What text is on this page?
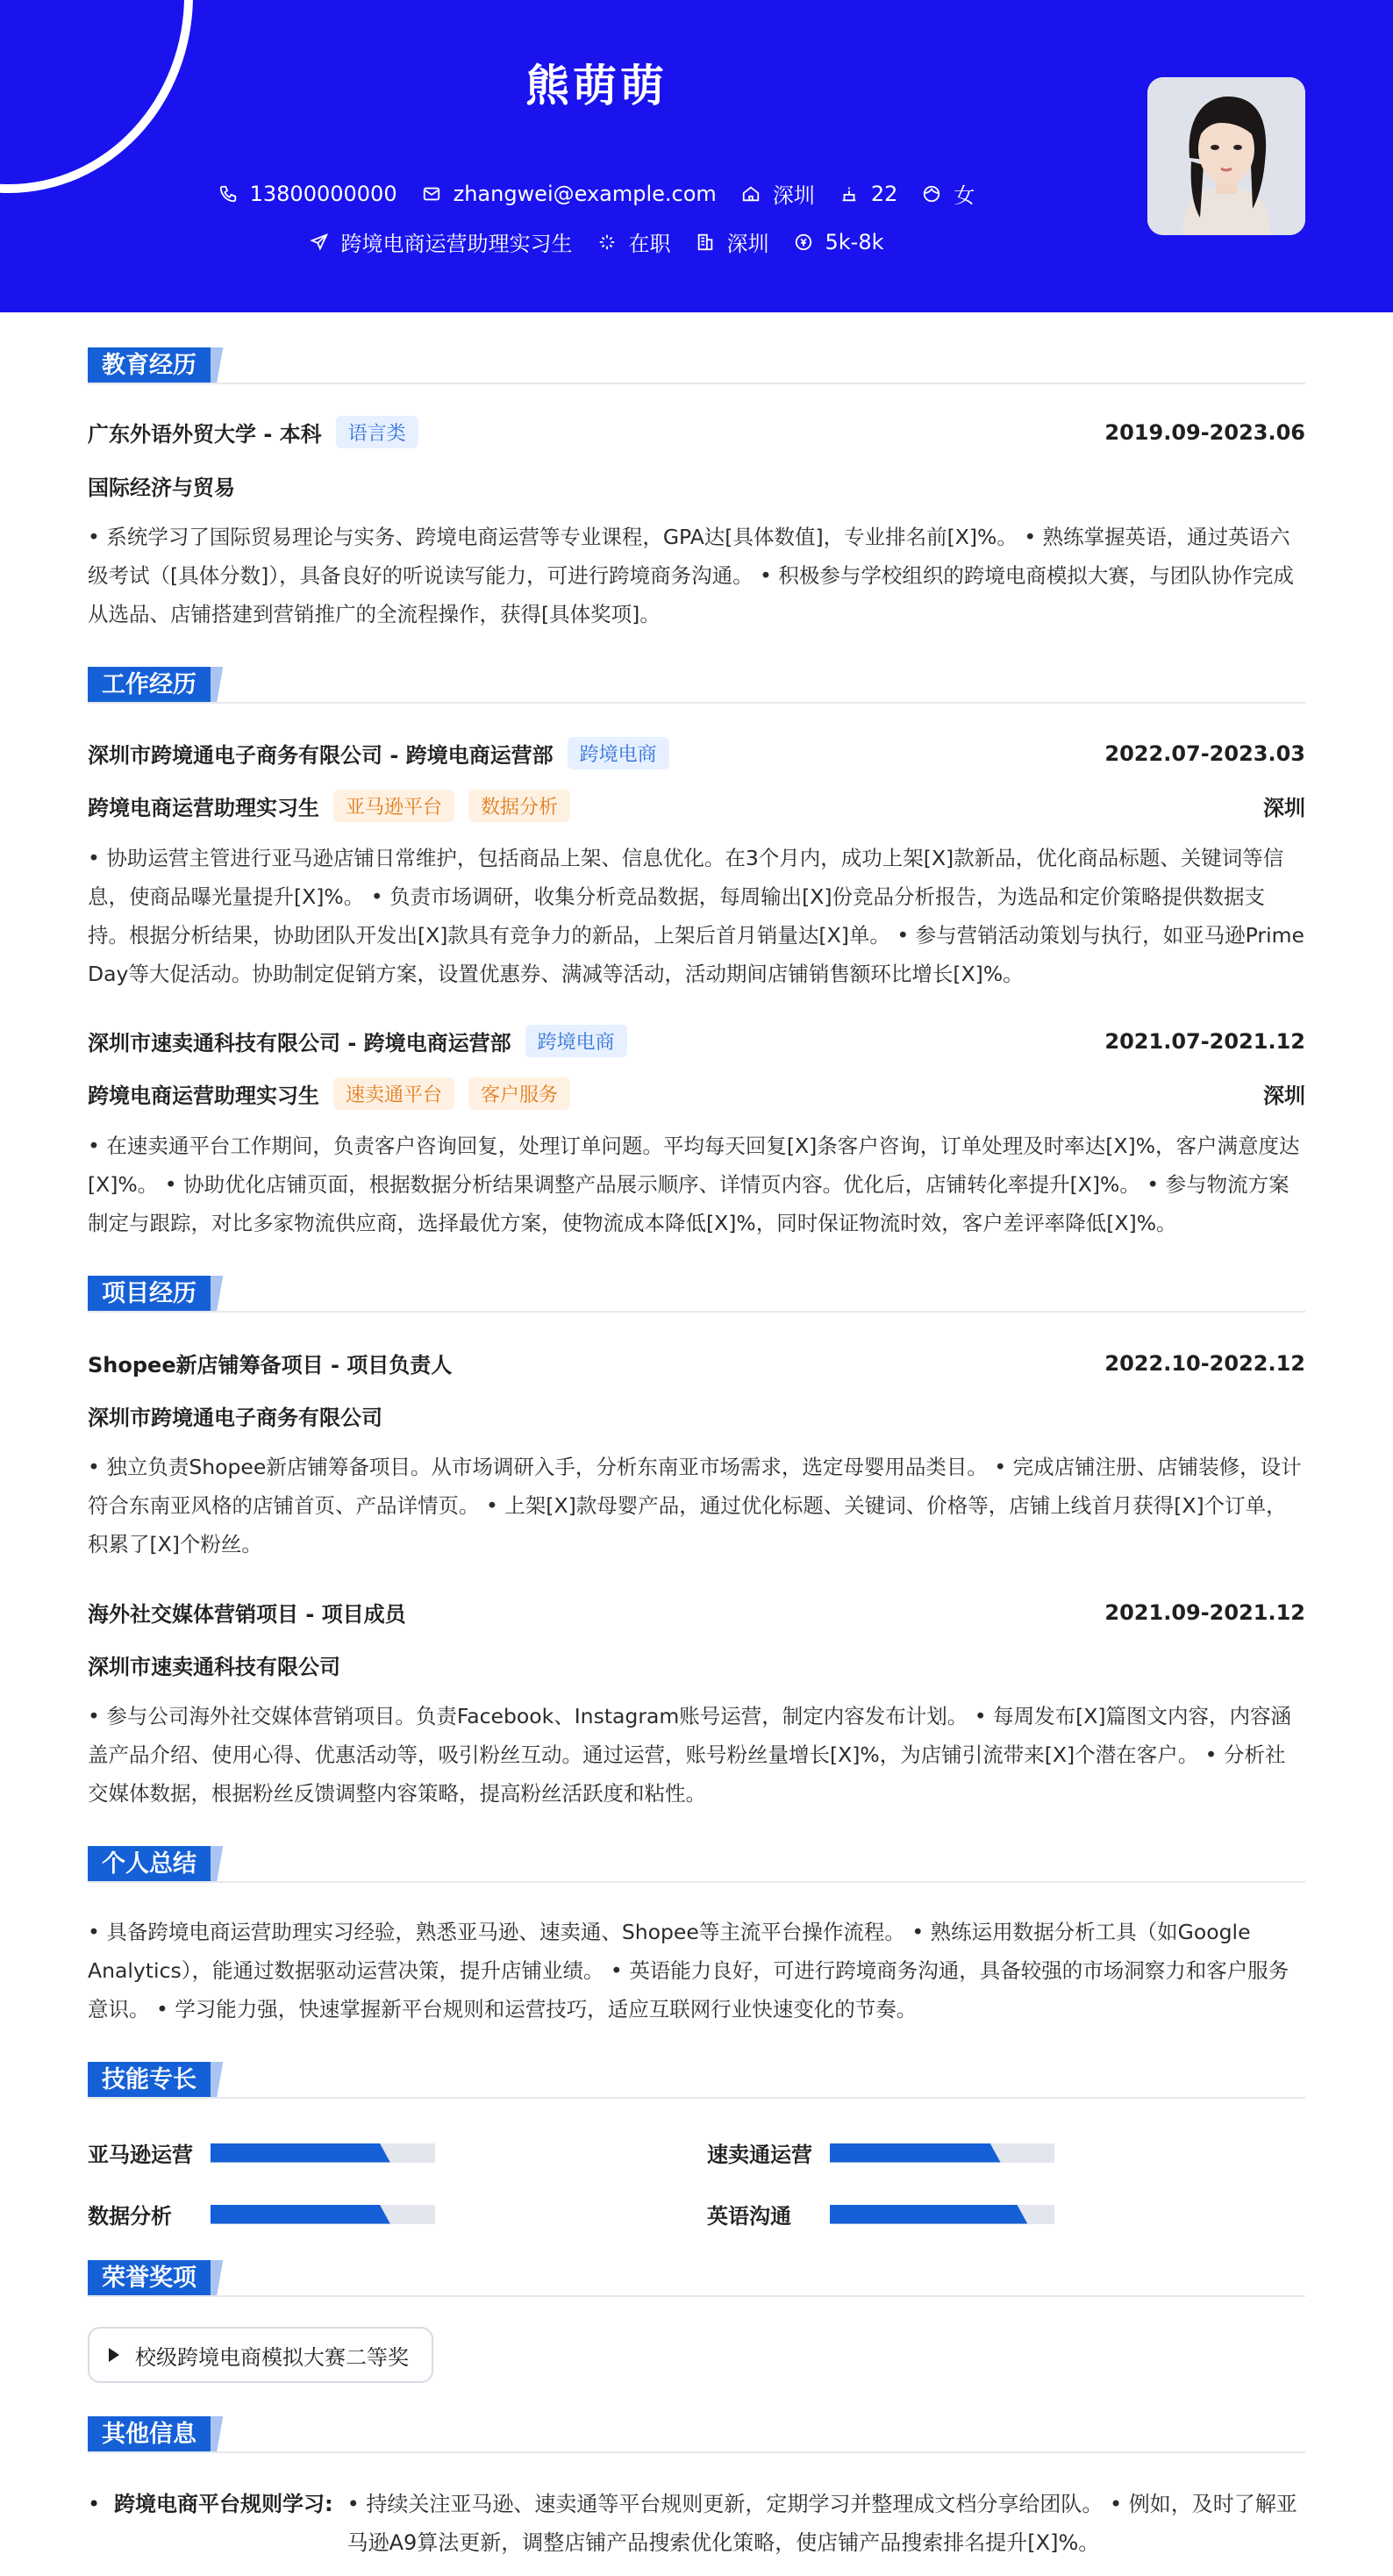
熊萌萌
13800000000	zhangwei@example.com	深圳	22	女
跨境电商运营助理实习生	在职	深圳	5k-8k
教育经历
广东外语外贸大学 - 本科	语言类	2019.09-2023.06
国际经济与贸易
• 系统学习了国际贸易理论与实务、跨境电商运营等专业课程，GPA达[具体数值]，专业排名前[X]%。 • 熟练掌握英语，通过英语六级考试（[具体分数]），具备良好的听说读写能力，可进行跨境商务沟通。 • 积极参与学校组织的跨境电商模拟大赛，与团队协作完成从选品、店铺搭建到营销推广的全流程操作，获得[具体奖项]。
工作经历
深圳市跨境通电子商务有限公司 - 跨境电商运营部	跨境电商	2022.07-2023.03
跨境电商运营助理实习生	亚马逊平台	数据分析	深圳
• 协助运营主管进行亚马逊店铺日常维护，包括商品上架、信息优化。在3个月内，成功上架[X]款新品，优化商品标题、关键词等信息，使商品曝光量提升[X]%。 • 负责市场调研，收集分析竞品数据，每周输出[X]份竞品分析报告，为选品和定价策略提供数据支持。根据分析结果，协助团队开发出[X]款具有竞争力的新品，上架后首月销量达[X]单。 • 参与营销活动策划与执行，如亚马逊Prime Day等大促活动。协助制定促销方案，设置优惠券、满减等活动，活动期间店铺销售额环比增长[X]%。
深圳市速卖通科技有限公司 - 跨境电商运营部	跨境电商	2021.07-2021.12
跨境电商运营助理实习生	速卖通平台	客户服务	深圳
• 在速卖通平台工作期间，负责客户咨询回复，处理订单问题。平均每天回复[X]条客户咨询，订单处理及时率达[X]%，客户满意度达[X]%。 • 协助优化店铺页面，根据数据分析结果调整产品展示顺序、详情页内容。优化后，店铺转化率提升[X]%。 • 参与物流方案制定与跟踪，对比多家物流供应商，选择最优方案，使物流成本降低[X]%，同时保证物流时效，客户差评率降低[X]%。
项目经历
Shopee新店铺筹备项目 - 项目负责人	2022.10-2022.12
深圳市跨境通电子商务有限公司
• 独立负责Shopee新店铺筹备项目。从市场调研入手，分析东南亚市场需求，选定母婴用品类目。 • 完成店铺注册、店铺装修，设计符合东南亚风格的店铺首页、产品详情页。 • 上架[X]款母婴产品，通过优化标题、关键词、价格等，店铺上线首月获得[X]个订单，积累了[X]个粉丝。
海外社交媒体营销项目 - 项目成员	2021.09-2021.12
深圳市速卖通科技有限公司
• 参与公司海外社交媒体营销项目。负责Facebook、Instagram账号运营，制定内容发布计划。 • 每周发布[X]篇图文内容，内容涵盖产品介绍、使用心得、优惠活动等，吸引粉丝互动。通过运营，账号粉丝量增长[X]%，为店铺引流带来[X]个潜在客户。 • 分析社交媒体数据，根据粉丝反馈调整内容策略，提高粉丝活跃度和粘性。
个人总结
• 具备跨境电商运营助理实习经验，熟悉亚马逊、速卖通、Shopee等主流平台操作流程。 • 熟练运用数据分析工具（如Google Analytics），能通过数据驱动运营决策，提升店铺业绩。 • 英语能力良好，可进行跨境商务沟通，具备较强的市场洞察力和客户服务意识。 • 学习能力强，快速掌握新平台规则和运营技巧，适应互联网行业快速变化的节奏。
技能专长
亚马逊运营	速卖通运营
数据分析	英语沟通
荣誉奖项
校级跨境电商模拟大赛二等奖
其他信息
• 跨境电商平台规则学习: • 持续关注亚马逊、速卖通等平台规则更新，定期学习并整理成文档分享给团队。 • 例如，及时了解亚马逊A9算法更新，调整店铺产品搜索优化策略，使店铺产品搜索排名提升[X]%。
